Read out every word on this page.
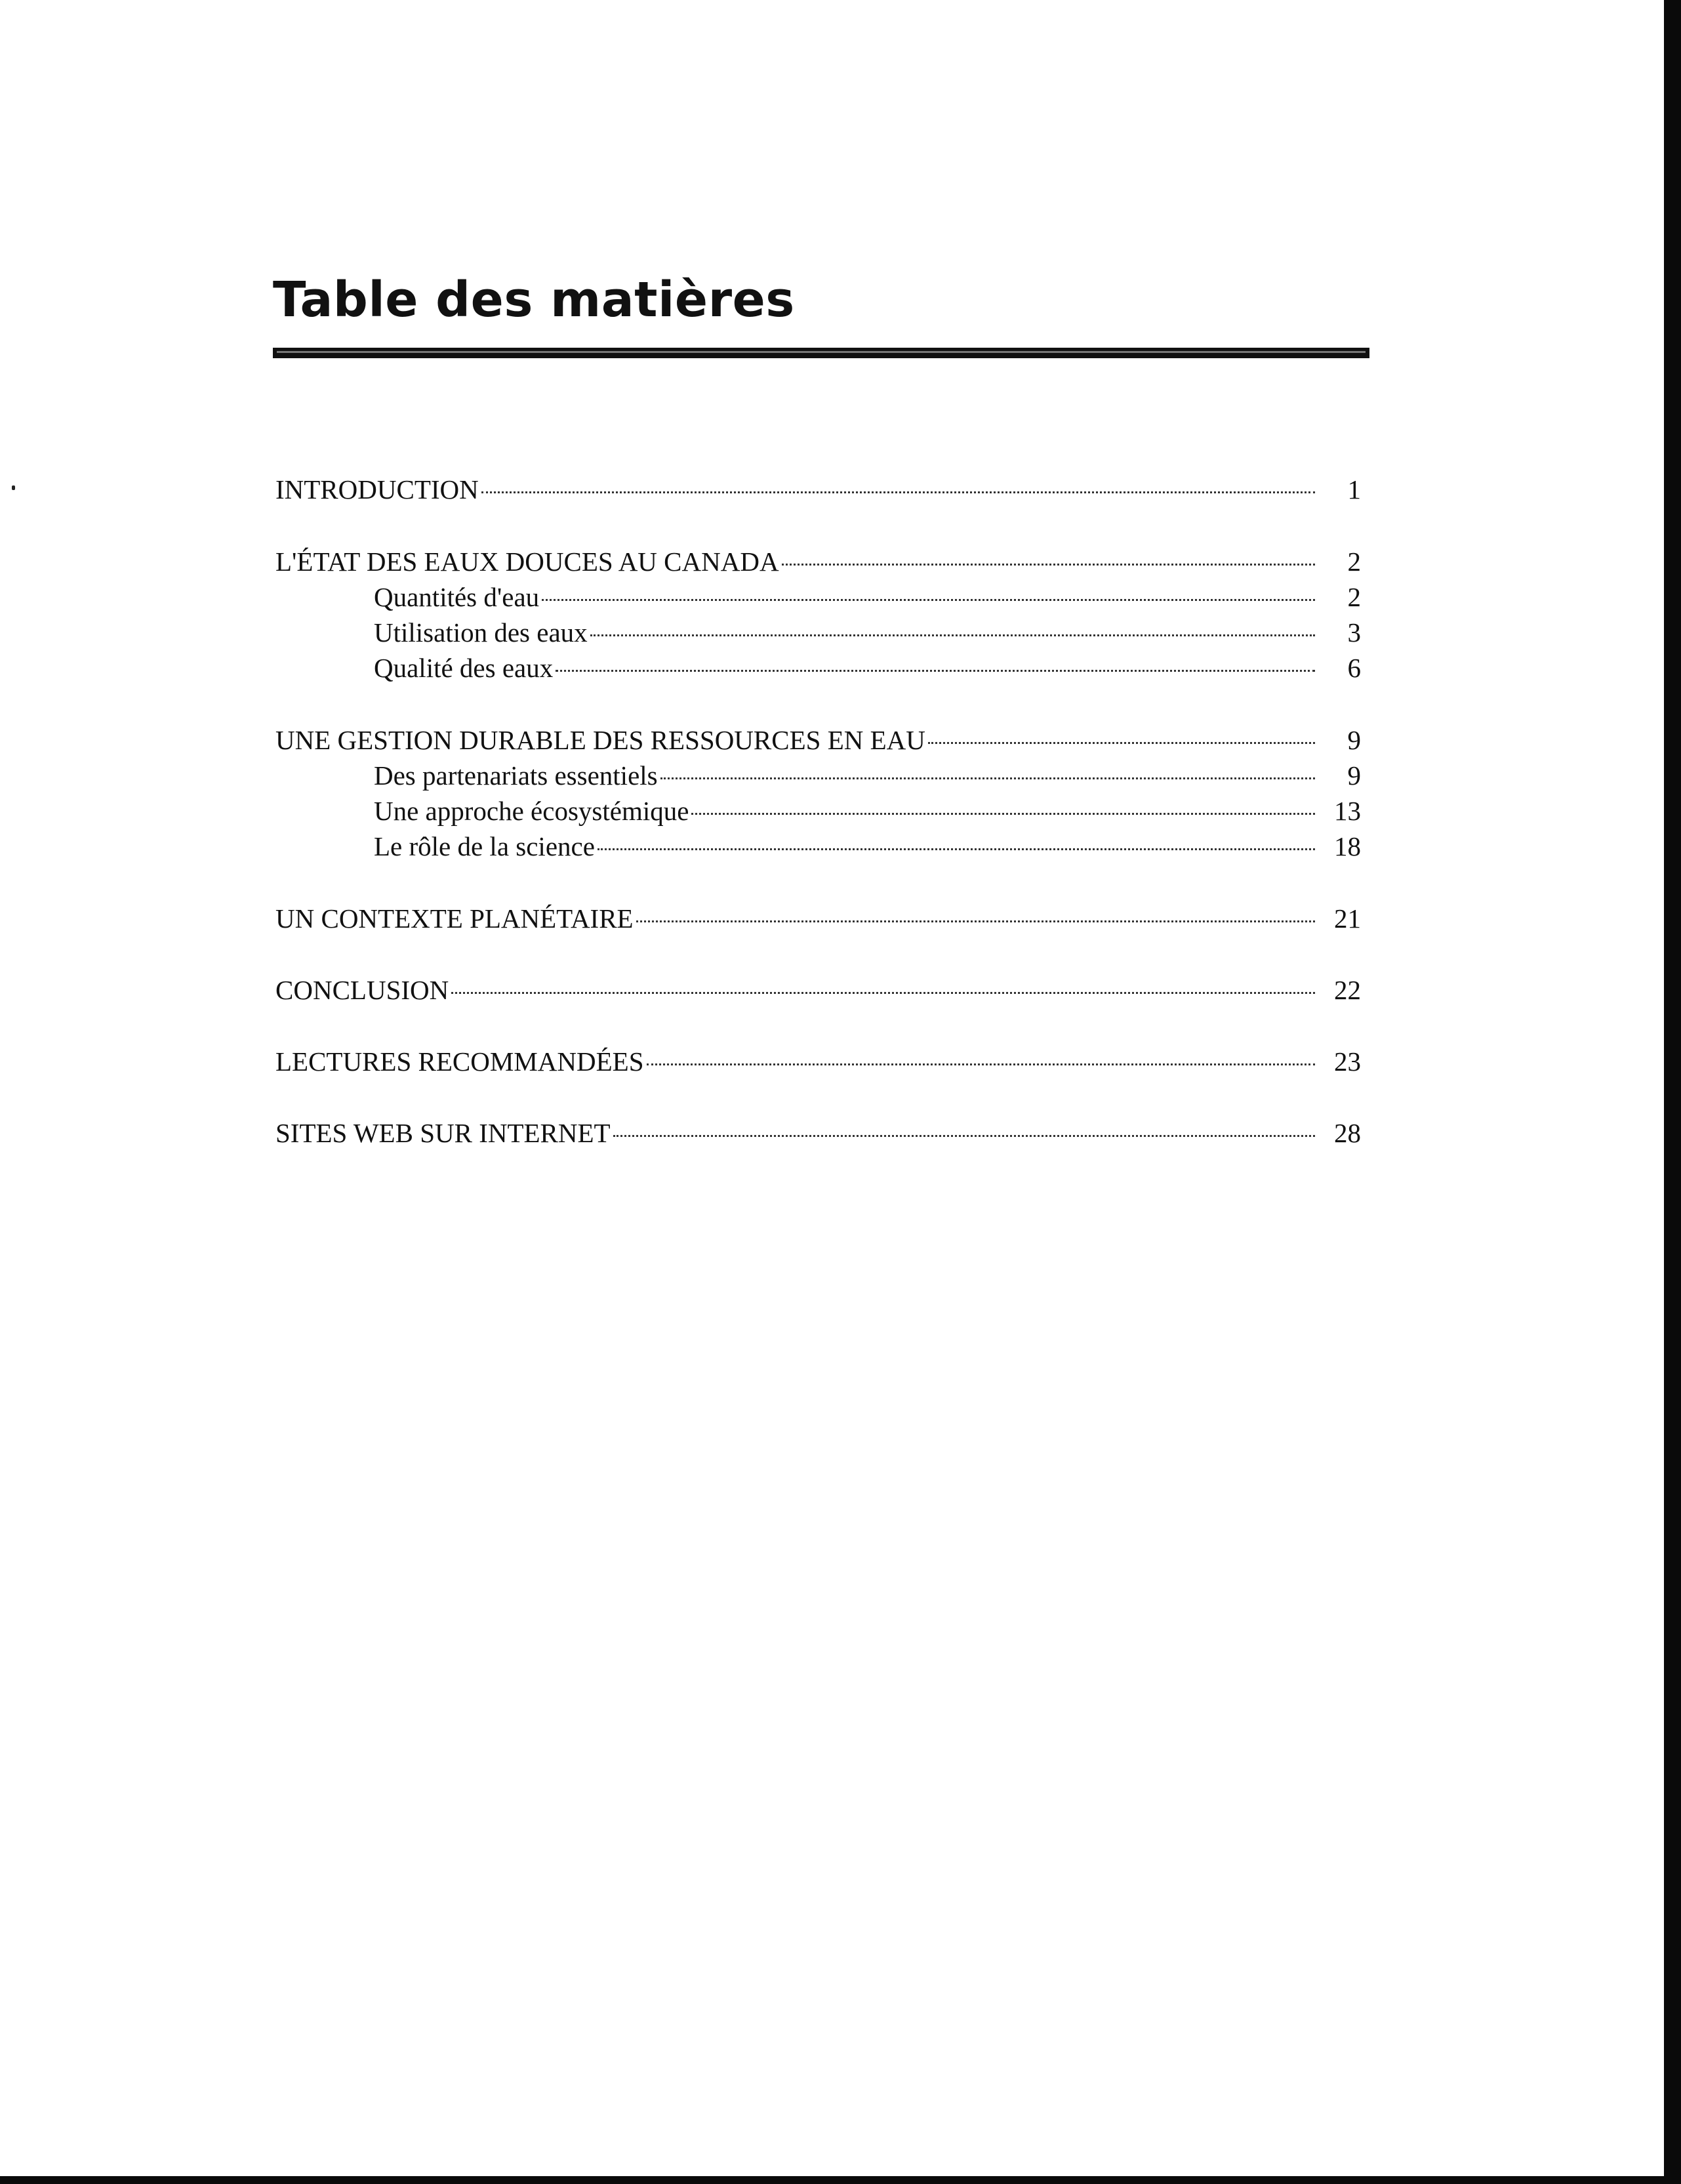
Table des matières
INTRODUCTION	1
L'ÉTAT DES EAUX DOUCES AU CANADA	2
Quantités d'eau	2
Utilisation des eaux	3
Qualité des eaux	6
UNE GESTION DURABLE DES RESSOURCES EN EAU	9
Des partenariats essentiels	9
Une approche écosystémique	13
Le rôle de la science	18
UN CONTEXTE PLANÉTAIRE	21
CONCLUSION	22
LECTURES RECOMMANDÉES	23
SITES WEB SUR INTERNET	28
